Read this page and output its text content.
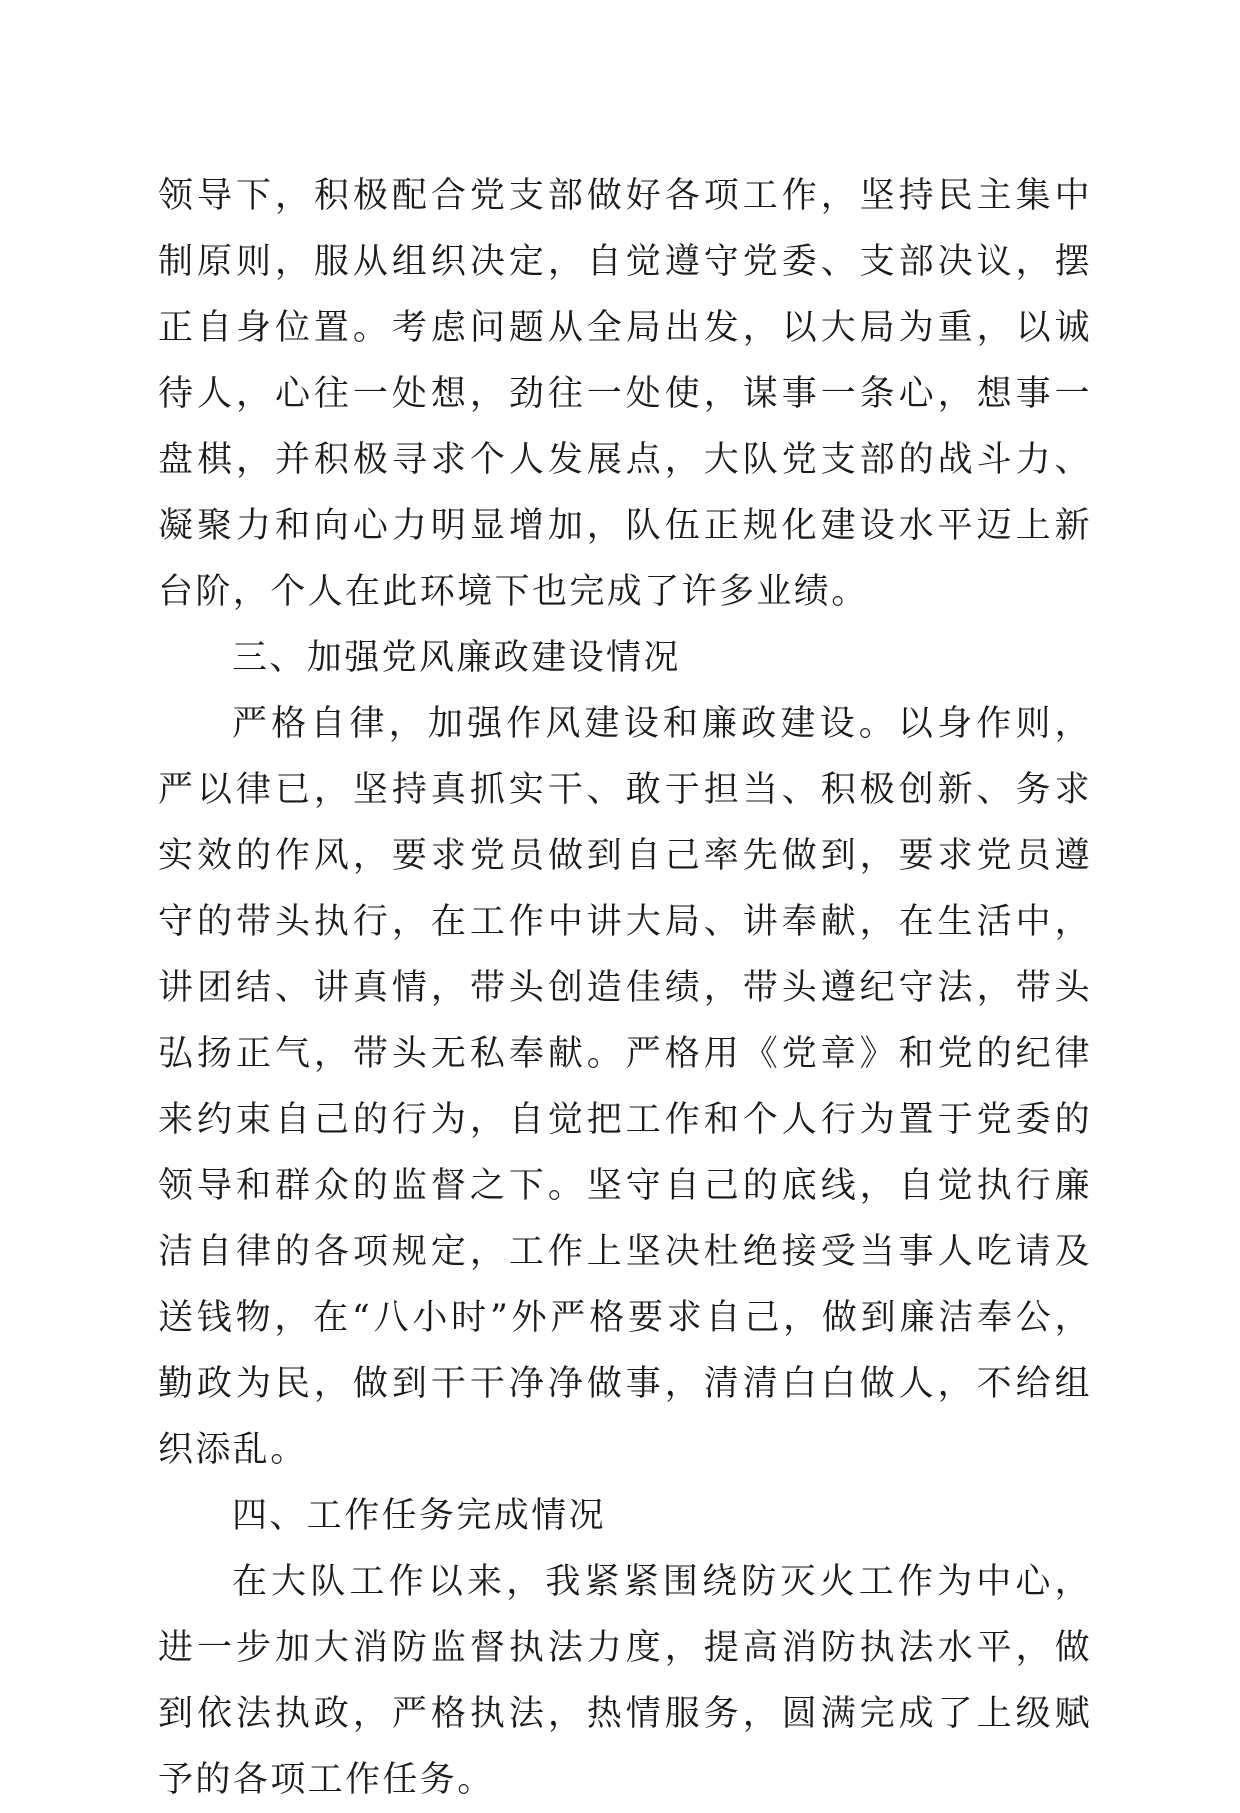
领导下，积极配合党支部做好各项工作，坚持民主集中制原则，服从组织决定，自觉遵守党委、支部决议，摆正自身位置。考虑问题从全局出发，以大局为重，以诚待人，心往一处想，劲往一处使，谋事一条心，想事一盘棋，并积极寻求个人发展点，大队党支部的战斗力、凝聚力和向心力明显增加，队伍正规化建设水平迈上新台阶，个人在此环境下也完成了许多业绩。

三、加强党风廉政建设情况

严格自律，加强作风建设和廉政建设。以身作则，严以律已，坚持真抓实干、敢于担当、积极创新、务求实效的作风，要求党员做到自己率先做到，要求党员遵守的带头执行，在工作中讲大局、讲奉献，在生活中，讲团结、讲真情，带头创造佳绩，带头遵纪守法，带头弘扬正气，带头无私奉献。严格用《党章》和党的纪律来约束自己的行为，自觉把工作和个人行为置于党委的领导和群众的监督之下。坚守自己的底线，自觉执行廉洁自律的各项规定，工作上坚决杜绝接受当事人吃请及送钱物，在“八小时”外严格要求自己，做到廉洁奉公，勤政为民，做到干干净净做事，清清白白做人，不给组织添乱。

四、工作任务完成情况

在大队工作以来，我紧紧围绕防灭火工作为中心，进一步加大消防监督执法力度，提高消防执法水平，做到依法执政，严格执法，热情服务，圆满完成了上级赋予的各项工作任务。
